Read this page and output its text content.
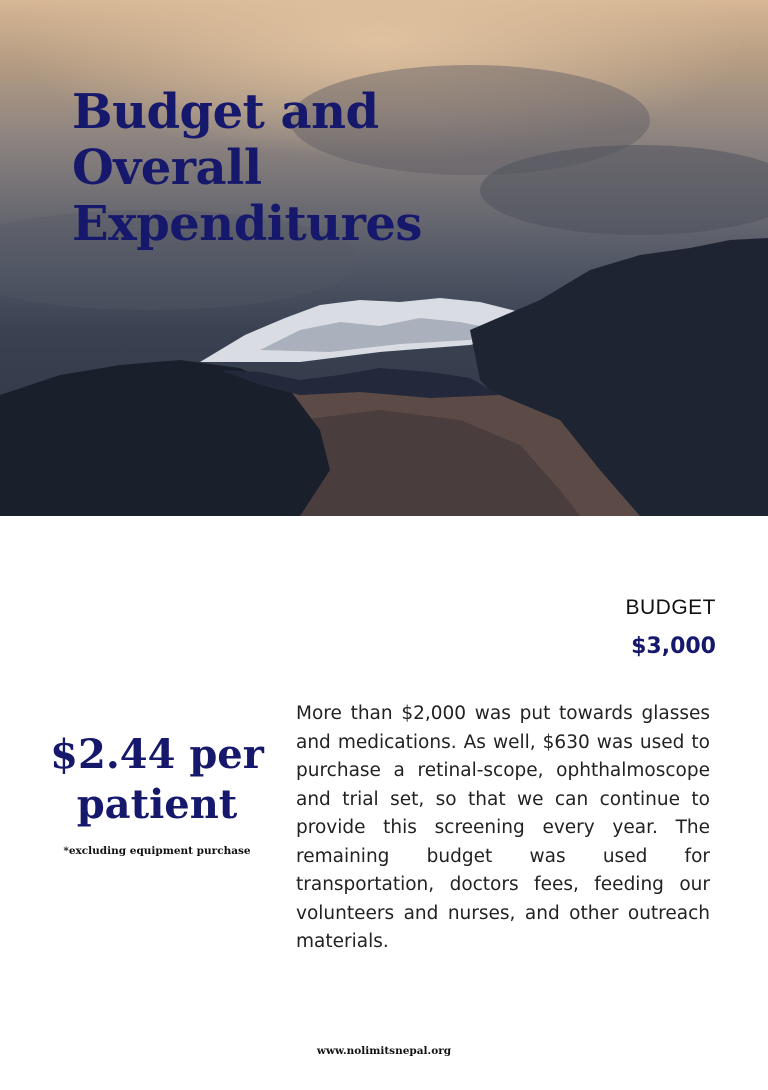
Budget and
Overall
Expenditures
BUDGET
$3,000
$2.44 per
patient
*excluding equipment purchase

More than $2,000 was put towards glasses and medications. As well, $630 was used to purchase a retinal-scope, ophthalmoscope and trial set, so that we can continue to provide this screening every year. The remaining budget was used for transportation, doctors fees, feeding our volunteers and nurses, and other outreach materials.

www.nolimitsnepal.org
